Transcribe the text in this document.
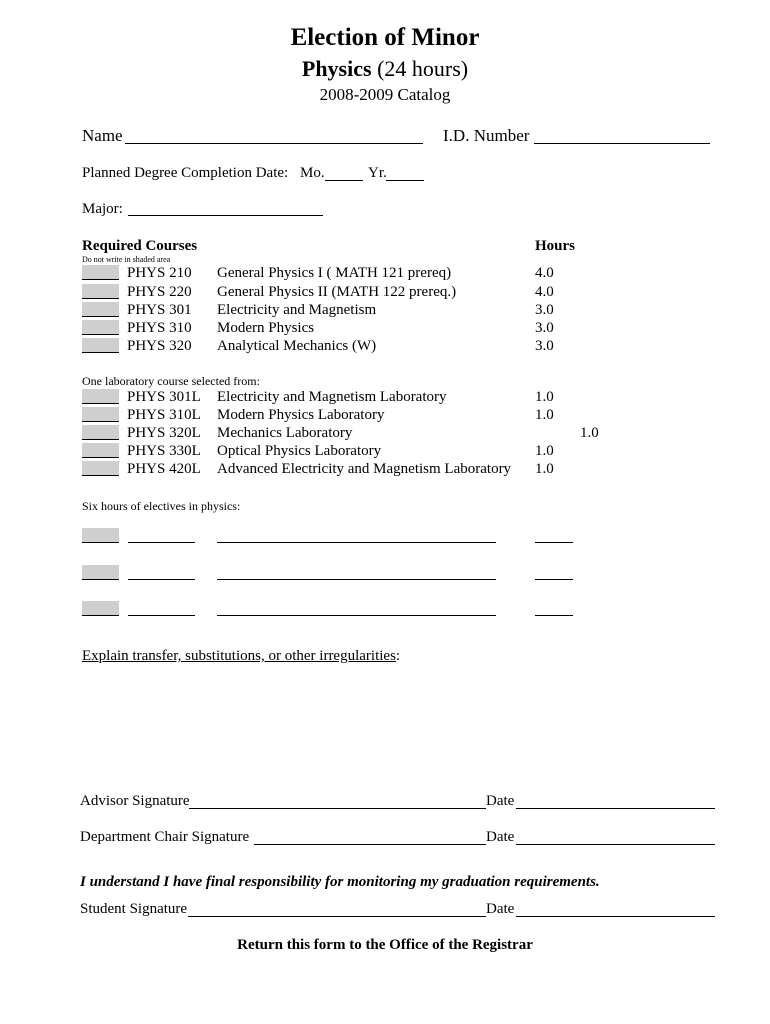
Election of Minor
Physics (24 hours)
2008-2009 Catalog
Name	I.D. Number
Planned Degree Completion Date: Mo.	Yr.
Major:
Required Courses	Hours
Do not write in shaded area
PHYS 210 General Physics I ( MATH 121 prereq)	4.0
PHYS 220 General Physics II (MATH 122 prereq.)	4.0
PHYS 301 Electricity and Magnetism	3.0
PHYS 310 Modern Physics	3.0
PHYS 320 Analytical Mechanics (W)	3.0
One laboratory course selected from:
PHYS 301L Electricity and Magnetism Laboratory	1.0
PHYS 310L Modern Physics Laboratory	1.0
PHYS 320L Mechanics Laboratory	1.0
PHYS 330L Optical Physics Laboratory	1.0
PHYS 420L Advanced Electricity and Magnetism Laboratory 1.0
Six hours of electives in physics:
Explain transfer, substitutions, or other irregularities:
Advisor Signature	Date
Department Chair Signature	Date
I understand I have final responsibility for monitoring my graduation requirements.
Student Signature	Date
Return this form to the Office of the Registrar
